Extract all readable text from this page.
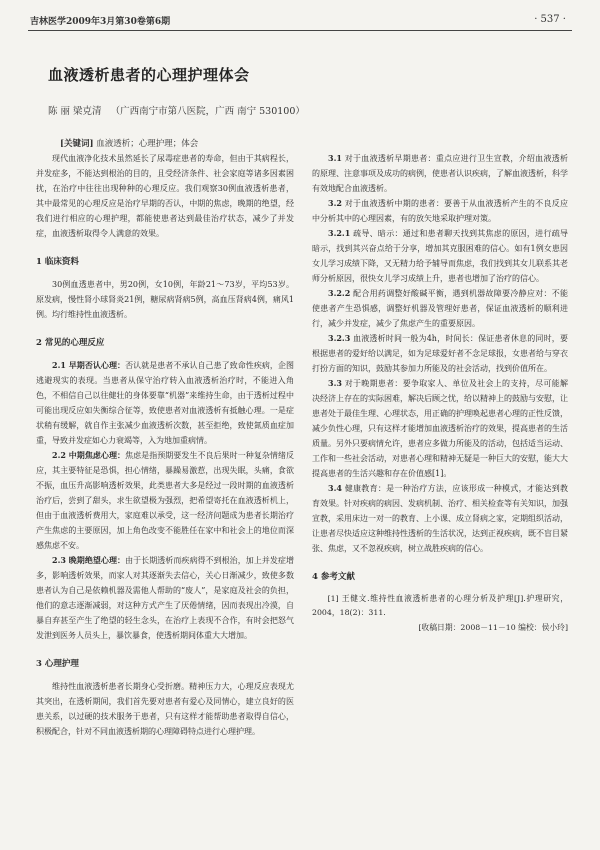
吉林医学2009年3月第30卷第6期	· 537 ·
血液透析患者的心理护理体会
陈 丽 梁克清 （广西南宁市第八医院，广西 南宁 530100）
[关键词] 血液透析；心理护理；体会

现代血液净化技术虽然延长了尿毒症患者的寿命，但由于其病程长，并发症多，不能达到根治的目的，且受经济条件、社会家庭等诸多因素困扰，在治疗中往往出现种种的心理反应。我们观察30例血液透析患者，其中最常见的心理反应是治疗早期的否认，中期的焦虑，晚期的绝望，经我们进行相应的心理护理，都能使患者达到最佳治疗状态，减少了并发症，血液透析取得令人满意的效果。

1 临床资料

30例血透患者中，男20例，女10例，年龄21～73岁，平均53岁。原发病，慢性肾小球肾炎21例，糖尿病肾病5例，高血压肾病4例，痛风1例。均行维持性血液透析。

2 常见的心理反应

2.1 早期否认心理：否认就是患者不承认自己患了致命性疾病，企图逃避现实的表现。当患者从保守治疗转入血液透析治疗时，不能进入角色，不相信自己以往健壮的身体要靠“机器”来维持生命，由于透析过程中可能出现反应如失衡综合征等，致使患者对血液透析有抵触心理。一是症状稍有缓解，就自作主张减少血液透析次数，甚至拒绝，致使氮质血症加重，导致并发症如心力衰竭等，入为地加重病情。

2.2 中期焦虑心理：焦虑是指预期要发生不良后果时一种复杂情绪反应，其主要特征是恐惧，担心情绪，暴躁易激惹，出现失眠，头痛，食欲不振，血压升高影响透析效果，此类患者大多是经过一段时期的血液透析治疗后，尝到了甜头，求生欲望极为强烈，把希望寄托在血液透析机上，但由于血液透析费用大，家庭难以承受，这一经济问题成为患者长期治疗产生焦虑的主要原因，加上角色改变不能胜任在家中和社会上的地位而深感焦虑不安。

2.3 晚期绝望心理：由于长期透析而疾病得不到根治，加上并发症增多，影响透析效果，而家人对其逐渐失去信心，关心日渐减少，致使多数患者认为自己是依赖机器及需他人帮助的“废人”，是家庭及社会的负担，他们的意志逐渐减弱，对这种方式产生了厌倦情绪，因而表现出冷漠，自暴自弃甚至产生了绝望的轻生念头，在治疗上表现不合作，有时会把怒气发泄到医务人员头上，暴饮暴食，使透析期间体重大大增加。

3 心理护理

维持性血液透析患者长期身心受折磨。精神压力大，心理反应表现尤其突出，在透析期间，我们首先要对患者有爱心及同情心，建立良好的医患关系，以过硬的技术服务于患者，只有这样才能帮助患者取得自信心，积极配合，针对不同血液透析期的心理障碍特点进行心理护理。

3.1 对于血液透析早期患者：重点应进行卫生宣教，介绍血液透析的原理、注意事项及成功的病例，使患者认识疾病，了解血液透析，科学有效地配合血液透析。

3.2 对于血液透析中期的患者：要善于从血液透析产生的不良反应中分析其中的心理因素，有的放矢地采取护理对策。

3.2.1 疏导、暗示：通过和患者聊天找到其焦虑的原因，进行疏导暗示，找到其兴奋点给于分享，增加其克服困难的信心。如有1例女患因女儿学习成绩下降，又无精力给予辅导而焦虑，我们找到其女儿联系其老师分析原因，很快女儿学习成绩上升，患者也增加了治疗的信心。

3.2.2 配合用药调整好酸碱平衡，遇到机器故障要冷静应对：不能使患者产生恐惧感，调整好机器及管理好患者，保证血液透析的顺利进行，减少并发症，减少了焦虑产生的重要原因。

3.2.3 血液透析时间一般为4h，时间长：保证患者休息的同时，要根据患者的爱好给以满足，如为足球爱好者不念足球报，女患者给与穿衣打扮方面的知识，鼓励其参加力所能及的社会活动，找到价值所在。

3.3 对于晚期患者：要争取家人、单位及社会上的支持，尽可能解决经济上存在的实际困难，解决后顾之忧，给以精神上的鼓励与安慰，让患者处于最佳生理、心理状态，用正确的护理唤起患者心理的正性反馈，减少负性心理，只有这样才能增加血液透析治疗的效果，提高患者的生活质量。另外只要病情允许，患者应多做力所能及的活动，包括适当运动、工作和一些社会活动，对患者心理和精神无疑是一种巨大的安慰，能大大提高患者的生活兴趣和存在价值感[1]。

3.4 健康教育：是一种治疗方法，应该形成一种模式，才能达到教育效果。针对疾病的病因、发病机制、治疗、相关检查等有关知识，加强宣教，采用床边一对一的教育、上小课、成立肾病之家，定期组织活动，让患者尽快适应这种维持性透析的生活状况，达到正视疾病，既不盲目紧张、焦虑，又不忽视疾病，树立战胜疾病的信心。

4 参考文献

[1] 王健文.维持性血液透析患者的心理分析及护理[J].护理研究，2004，18(2)：311.

[收稿日期：2008－11－10 编校：侯小玲]
